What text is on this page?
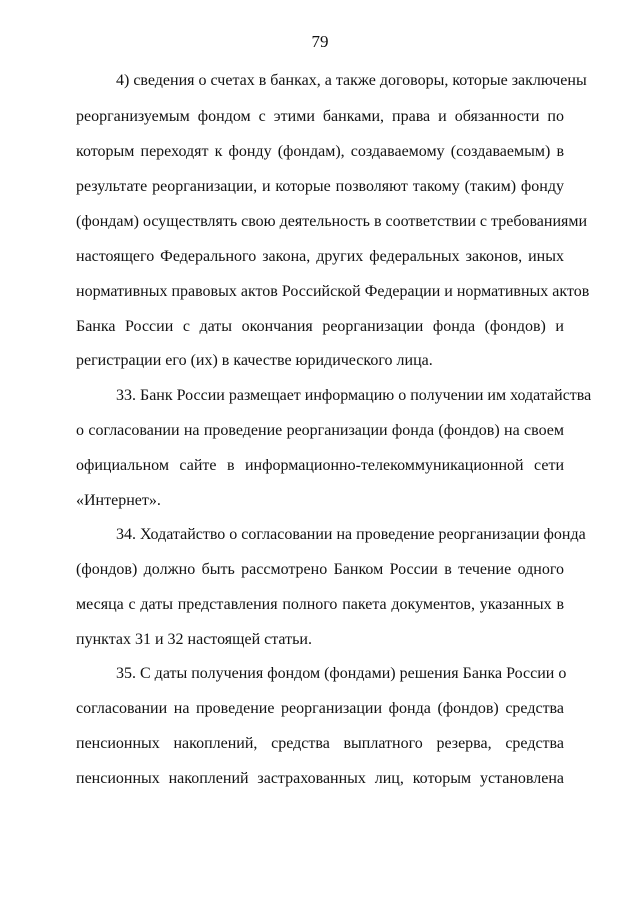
79
4) сведения о счетах в банках, а также договоры, которые заключены
реорганизуемым фондом с этими банками, права и обязанности по
которым переходят к фонду (фондам), создаваемому (создаваемым) в
результате реорганизации, и которые позволяют такому (таким) фонду
(фондам) осуществлять свою деятельность в соответствии с требованиями
настоящего Федерального закона, других федеральных законов, иных
нормативных правовых актов Российской Федерации и нормативных актов
Банка России с даты окончания реорганизации фонда (фондов) и
регистрации его (их) в качестве юридического лица.
33. Банк России размещает информацию о получении им ходатайства
о согласовании на проведение реорганизации фонда (фондов) на своем
официальном сайте в информационно-телекоммуникационной сети
«Интернет».
34. Ходатайство о согласовании на проведение реорганизации фонда
(фондов) должно быть рассмотрено Банком России в течение одного
месяца с даты представления полного пакета документов, указанных в
пунктах 31 и 32 настоящей статьи.
35. С даты получения фондом (фондами) решения Банка России о
согласовании на проведение реорганизации фонда (фондов) средства
пенсионных накоплений, средства выплатного резерва, средства
пенсионных накоплений застрахованных лиц, которым установлена
